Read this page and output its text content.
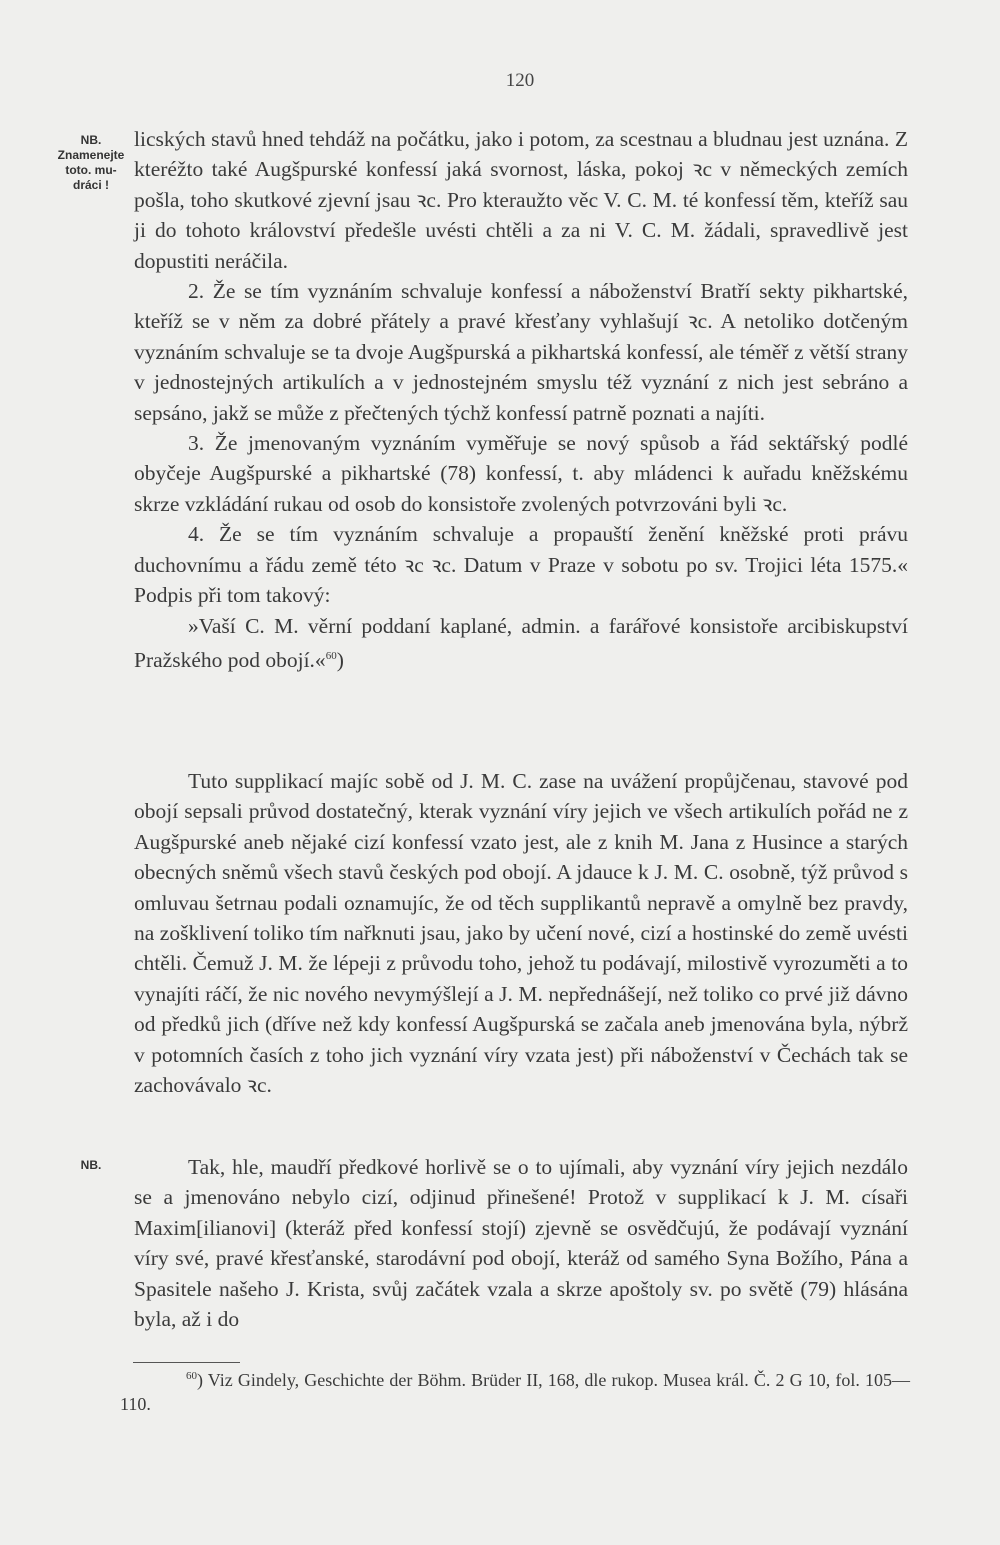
120
NB.
Znamenejte
toto. mu-
dráci !
NB.

licských stavů hned tehdáž na počátku, jako i potom, za scestnau a bludnau jest uznána. Z kteréžto také Augšpurské konfessí jaká svornost, láska, pokoj ꝛc v německých zemích pošla, toho skutkové zjevní jsau ꝛc. Pro kteraužto věc V. C. M. té konfessí těm, kteříž sau ji do tohoto království předešle uvésti chtěli a za ni V. C. M. žádali, spravedlivě jest dopustiti neráčila.

2. Že se tím vyznáním schvaluje konfessí a náboženství Bratří sekty pikhartské, kteříž se v něm za dobré přátely a pravé křesťany vyhlašují ꝛc. A netoliko dotčeným vyznáním schvaluje se ta dvoje Augšpurská a pikhartská konfessí, ale téměř z větší strany v jednostejných artikulích a v jednostejném smyslu též vyznání z nich jest sebráno a sepsáno, jakž se může z přečtených týchž konfessí patrně poznati a najíti.

3. Že jmenovaným vyznáním vyměřuje se nový spůsob a řád sektářský podlé obyčeje Augšpurské a pikhartské (78) konfessí, t. aby mládenci k auřadu kněžskému skrze vzkládání rukau od osob do konsistoře zvolených potvrzováni byli ꝛc.

4. Že se tím vyznáním schvaluje a propauští ženění kněžské proti právu duchovnímu a řádu země této ꝛc ꝛc. Datum v Praze v sobotu po sv. Trojici léta 1575.« Podpis při tom takový:

»Vaší C. M. věrní poddaní kaplané, admin. a farářové konsistoře arcibiskupství Pražského pod obojí.«$^{60}$)

Tuto supplikací majíc sobě od J. M. C. zase na uvážení propůjčenau, stavové pod obojí sepsali průvod dostatečný, kterak vyznání víry jejich ve všech artikulích pořád ne z Augšpurské aneb nějaké cizí konfessí vzato jest, ale z knih M. Jana z Husince a starých obecných sněmů všech stavů českých pod obojí. A jdauce k J. M. C. osobně, týž průvod s omluvau šetrnau podali oznamujíc, že od těch supplikantů nepravě a omylně bez pravdy, na zošklivení toliko tím nařknuti jsau, jako by učení nové, cizí a hostinské do země uvésti chtěli. Čemuž J. M. že lépeji z průvodu toho, jehož tu podávají, milostivě vyrozuměti a to vynajíti ráčí, že nic nového nevymýšlejí a J. M. nepřednášejí, než toliko co prvé již dávno od předků jich (dříve než kdy konfessí Augšpurská se začala aneb jmenována byla, nýbrž v potomních časích z toho jich vyznání víry vzata jest) při náboženství v Čechách tak se zachovávalo ꝛc.

Tak, hle, maudří předkové horlivě se o to ujímali, aby vyznání víry jejich nezdálo se a jmenováno nebylo cizí, odjinud přinešené! Protož v supplikací k J. M. císaři Maxim[ilianovi] (kteráž před konfessí stojí) zjevně se osvědčujú, že podávají vyznání víry své, pravé křesťanské, starodávní pod obojí, kteráž od samého Syna Božího, Pána a Spasitele našeho J. Krista, svůj začátek vzala a skrze apoštoly sv. po světě (79) hlásána byla, až i do

$^{60}$) Viz Gindely, Geschichte der Böhm. Brüder II, 168, dle rukop. Musea král. Č. 2 G 10, fol. 105—110.
